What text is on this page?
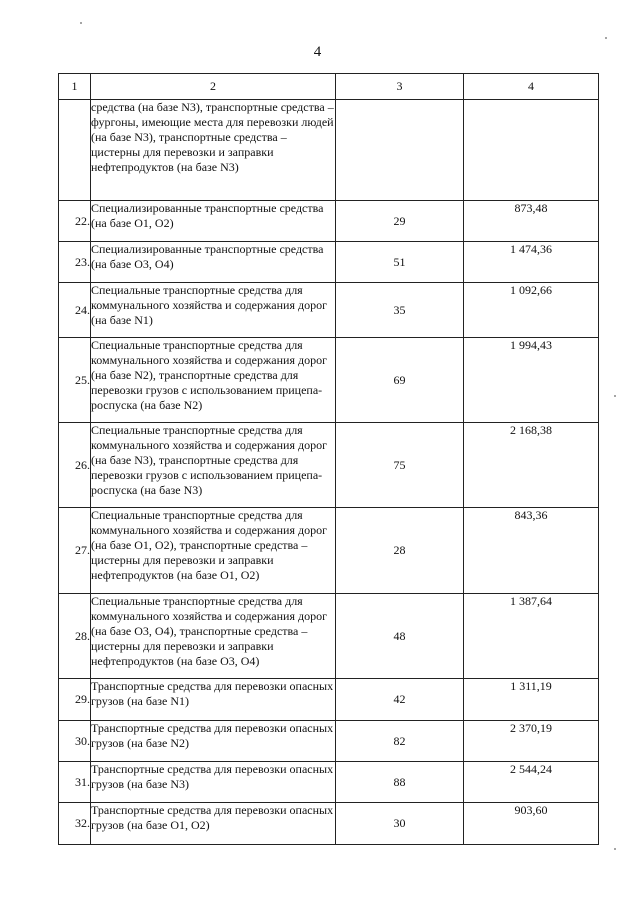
4
1	2	3	4
	средства (на базе N3), транспортные средства – фургоны, имеющие места для перевозки людей (на базе N3), транспортные средства – цистерны для перевозки и заправки нефтепродуктов (на базе N3)		
22.	Специализированные транспортные средства (на базе О1, О2)	29	873,48
23.	Специализированные транспортные средства (на базе О3, О4)	51	1 474,36
24.	Специальные транспортные средства для коммунального хозяйства и содержания дорог (на базе N1)	35	1 092,66
25.	Специальные транспортные средства для коммунального хозяйства и содержания дорог (на базе N2), транспортные средства для перевозки грузов с использованием прицепа-роспуска (на базе N2)	69	1 994,43
26.	Специальные транспортные средства для коммунального хозяйства и содержания дорог (на базе N3), транспортные средства для перевозки грузов с использованием прицепа-роспуска (на базе N3)	75	2 168,38
27.	Специальные транспортные средства для коммунального хозяйства и содержания дорог (на базе О1, О2), транспортные средства – цистерны для перевозки и заправки нефтепродуктов (на базе О1, О2)	28	843,36
28.	Специальные транспортные средства для коммунального хозяйства и содержания дорог (на базе О3, О4), транспортные средства – цистерны для перевозки и заправки нефтепродуктов (на базе О3, О4)	48	1 387,64
29.	Транспортные средства для перевозки опасных грузов (на базе N1)	42	1 311,19
30.	Транспортные средства для перевозки опасных грузов (на базе N2)	82	2 370,19
31.	Транспортные средства для перевозки опасных грузов (на базе N3)	88	2 544,24
32.	Транспортные средства для перевозки опасных грузов (на базе О1, О2)	30	903,60
